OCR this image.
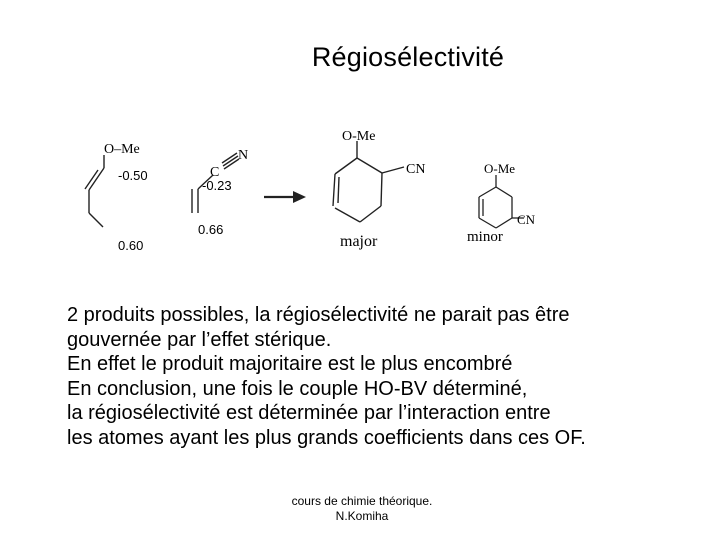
Régiosélectivité
O–Me
-0.50
0.60
C
N
-0.23
0.66
O-Me
CN
major
O-Me
CN
minor
2 produits possibles, la régiosélectivité ne parait pas être
gouvernée par l’effet stérique.
En effet le produit majoritaire est le plus encombré
En conclusion, une fois le couple HO-BV déterminé,
la régiosélectivité est déterminée par l’interaction entre
les atomes ayant les plus grands coefficients dans ces OF.
cours de chimie théorique.
N.Komiha
